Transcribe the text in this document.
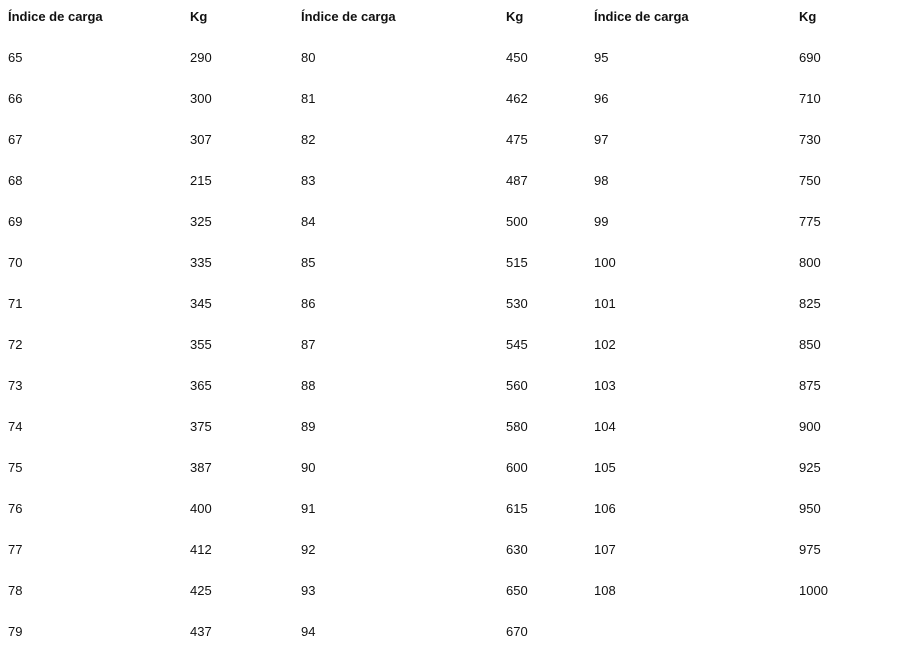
Índice de carga	Kg	Índice de carga	Kg	Índice de carga	Kg
65	290	80	450	95	690
66	300	81	462	96	710
67	307	82	475	97	730
68	215	83	487	98	750
69	325	84	500	99	775
70	335	85	515	100	800
71	345	86	530	101	825
72	355	87	545	102	850
73	365	88	560	103	875
74	375	89	580	104	900
75	387	90	600	105	925
76	400	91	615	106	950
77	412	92	630	107	975
78	425	93	650	108	1000
79	437	94	670
